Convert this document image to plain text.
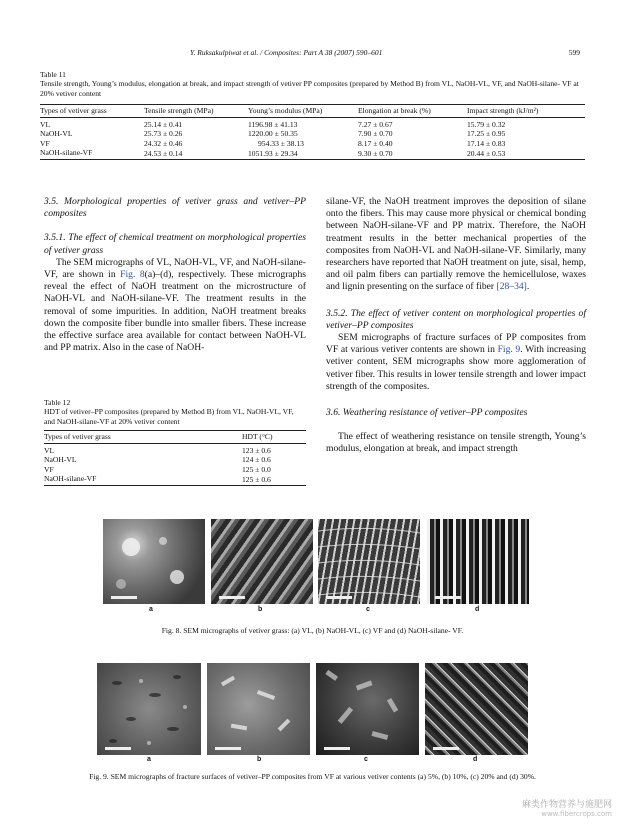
Y. Ruksakulpiwat et al. / Composites: Part A 38 (2007) 590–601	599
Table 11
Tensile strength, Young’s modulus, elongation at break, and impact strength of vetiver PP composites (prepared by Method B) from VL, NaOH-VL, VF, and NaOH-silane- VF at 20% vetiver content
Types of vetiver grass	Tensile strength (MPa)	Young’s modulus (MPa)	Elongation at break (%)	Impact strength (kJ/m²)
VL	25.14 ± 0.41	1196.98 ± 41.13	7.27 ± 0.67	15.79 ± 0.32
NaOH-VL	25.73 ± 0.26	1220.00 ± 50.35	7.90 ± 0.70	17.25 ± 0.95
VF	24.32 ± 0.46	954.33 ± 38.13	8.17 ± 0.40	17.14 ± 0.83
NaOH-silane-VF	24.53 ± 0.14	1051.93 ± 29.34	9.30 ± 0.70	20.44 ± 0.53

3.5. Morphological properties of vetiver grass and vetiver–PP composites

3.5.1. The effect of chemical treatment on morphological properties of vetiver grass

The SEM micrographs of VL, NaOH-VL, VF, and NaOH-silane-VF, are shown in Fig. 8(a)–(d), respectively. These micrographs reveal the effect of NaOH treatment on the microstructure of NaOH-VL and NaOH-silane-VF. The treatment results in the removal of some impurities. In addition, NaOH treatment breaks down the composite fiber bundle into smaller fibers. These increase the effective surface area available for contact between NaOH-VL and PP matrix. Also in the case of NaOH-

Table 12
HDT of vetiver–PP composites (prepared by Method B) from VL, NaOH-VL, VF, and NaOH-silane-VF at 20% vetiver content
Types of vetiver grass	HDT (°C)
VL	123 ± 0.6
NaOH-VL	124 ± 0.6
VF	125 ± 0.0
NaOH-silane-VF	125 ± 0.6

silane-VF, the NaOH treatment improves the deposition of silane onto the fibers. This may cause more physical or chemical bonding between NaOH-silane-VF and PP matrix. Therefore, the NaOH treatment results in the better mechanical properties of the composites from NaOH-VL and NaOH-silane-VF. Similarly, many researchers have reported that NaOH treatment on jute, sisal, hemp, and oil palm fibers can partially remove the hemicellulose, waxes and lignin presenting on the surface of fiber [28–34].

3.5.2. The effect of vetiver content on morphological properties of vetiver–PP composites

SEM micrographs of fracture surfaces of PP composites from VF at various vetiver contents are shown in Fig. 9. With increasing vetiver content, SEM micrographs show more agglomeration of vetiver fiber. This results in lower tensile strength and lower impact strength of the composites.

3.6. Weathering resistance of vetiver–PP composites

The effect of weathering resistance on tensile strength, Young’s modulus, elongation at break, and impact strength

a	b	c	d
Fig. 8. SEM micrographs of vetiver grass: (a) VL, (b) NaOH-VL, (c) VF and (d) NaOH-silane- VF.
a	b	c	d
Fig. 9. SEM micrographs of fracture surfaces of vetiver–PP composites from VF at various vetiver contents (a) 5%, (b) 10%, (c) 20% and (d) 30%.
麻类作物营养与施肥网
www.fibercrops.com
